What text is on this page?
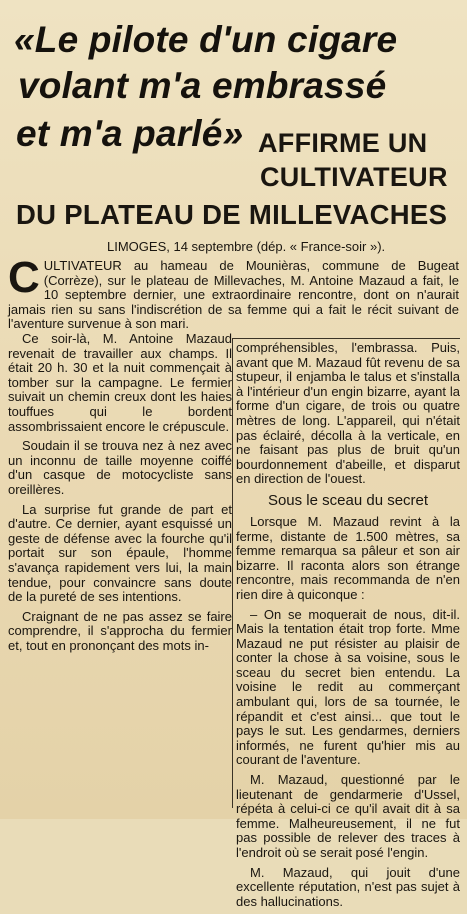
«Le pilote d'un cigare
volant m'a embrassé
et m'a parlé» AFFIRME UN
CULTIVATEUR
DU PLATEAU DE MILLEVACHES
LIMOGES, 14 septembre (dép. « France-soir »).
CULTIVATEUR au hameau de Mounièras, commune de Bugeat (Corrèze), sur le plateau de Millevaches, M. Antoine Mazaud a fait, le 10 septembre dernier, une extraordinaire rencontre, dont on n'aurait jamais rien su sans l'indiscrétion de sa femme qui a fait le récit suivant de l'aventure survenue à son mari.

Ce soir-là, M. Antoine Mazaud revenait de travailler aux champs. Il était 20 h. 30 et la nuit commençait à tomber sur la campagne. Le fermier suivait un chemin creux dont les haies touffues qui le bordent assombrissaient encore le crépuscule.

Soudain il se trouva nez à nez avec un inconnu de taille moyenne coiffé d'un casque de motocycliste sans oreillères.

La surprise fut grande de part et d'autre. Ce dernier, ayant esquissé un geste de défense avec la fourche qu'il portait sur son épaule, l'homme s'avança rapidement vers lui, la main tendue, pour convaincre sans doute de la pureté de ses intentions.

Craignant de ne pas assez se faire comprendre, il s'approcha du fermier et, tout en prononçant des mots in-

compréhensibles, l'embrassa. Puis, avant que M. Mazaud fût revenu de sa stupeur, il enjamba le talus et s'installa à l'intérieur d'un engin bizarre, ayant la forme d'un cigare, de trois ou quatre mètres de long. L'appareil, qui n'était pas éclairé, décolla à la verticale, en ne faisant pas plus de bruit qu'un bourdonnement d'abeille, et disparut en direction de l'ouest.

Sous le sceau du secret

Lorsque M. Mazaud revint à la ferme, distante de 1.500 mètres, sa femme remarqua sa pâleur et son air bizarre. Il raconta alors son étrange rencontre, mais recommanda de n'en rien dire à quiconque :

– On se moquerait de nous, dit-il. Mais la tentation était trop forte. Mme Mazaud ne put résister au plaisir de conter la chose à sa voisine, sous le sceau du secret bien entendu. La voisine le redit au commerçant ambulant qui, lors de sa tournée, le répandit et c'est ainsi... que tout le pays le sut. Les gendarmes, derniers informés, ne furent qu'hier mis au courant de l'aventure.

M. Mazaud, questionné par le lieutenant de gendarmerie d'Ussel, répéta à celui-ci ce qu'il avait dit à sa femme. Malheureusement, il ne fut pas possible de relever des traces à l'endroit où se serait posé l'engin.

M. Mazaud, qui jouit d'une excellente réputation, n'est pas sujet à des hallucinations.
